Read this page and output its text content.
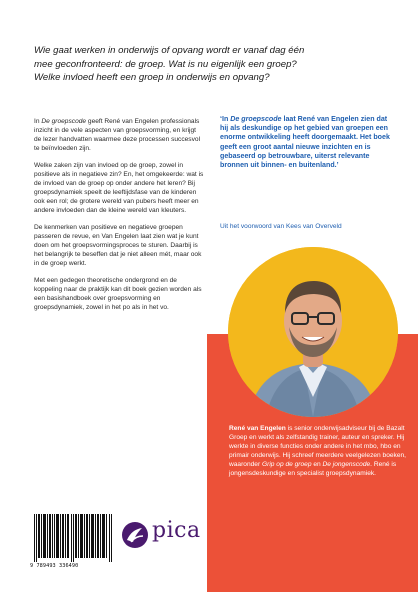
Wie gaat werken in onderwijs of opvang wordt er vanaf dag één
mee geconfronteerd: de groep. Wat is nu eigenlijk een groep?
Welke invloed heeft een groep in onderwijs en opvang?

In De groepscode geeft René van Engelen professionals inzicht in de vele aspecten van groepsvorming, en krijgt de lezer handvatten waarmee deze processen succesvol te beïnvloeden zijn.

Welke zaken zijn van invloed op de groep, zowel in positieve als in negatieve zin? En, het omgekeerde: wat is de invloed van de groep op onder andere het leren? Bij groepsdynamiek speelt de leeftijdsfase van de kinderen ook een rol; de grotere wereld van pubers heeft meer en andere invloeden dan de kleine wereld van kleuters.

De kenmerken van positieve en negatieve groepen passeren de revue, en Van Engelen laat zien wat je kunt doen om het groepsvormingsproces te sturen. Daarbij is het belangrijk te beseffen dat je niet alleen mét, maar ook in de groep werkt.

Met een gedegen theoretische ondergrond en de koppeling naar de praktijk kan dit boek gezien worden als een basishandboek over groepsvorming en groepsdynamiek, zowel in het po als in het vo.

‘In De groepscode laat René van Engelen zien dat hij als deskundige op het gebied van groepen een enorme ontwikkeling heeft doorgemaakt. Het boek geeft een groot aantal nieuwe inzichten en is gebaseerd op betrouwbare, uiterst relevante bronnen uit binnen- en buitenland.’
Uit het voorwoord van Kees van Overveld
René van Engelen is senior onderwijsadviseur bij de Bazalt Groep en werkt als zelfstandig trainer, auteur en spreker. Hij werkte in diverse functies onder andere in het mbo, hbo en primair onderwijs. Hij schreef meerdere veelgelezen boeken, waaronder Grip op de groep en De jongenscode. René is jongensdeskundige en specialist groepsdynamiek.
9 789493 336490
pica
